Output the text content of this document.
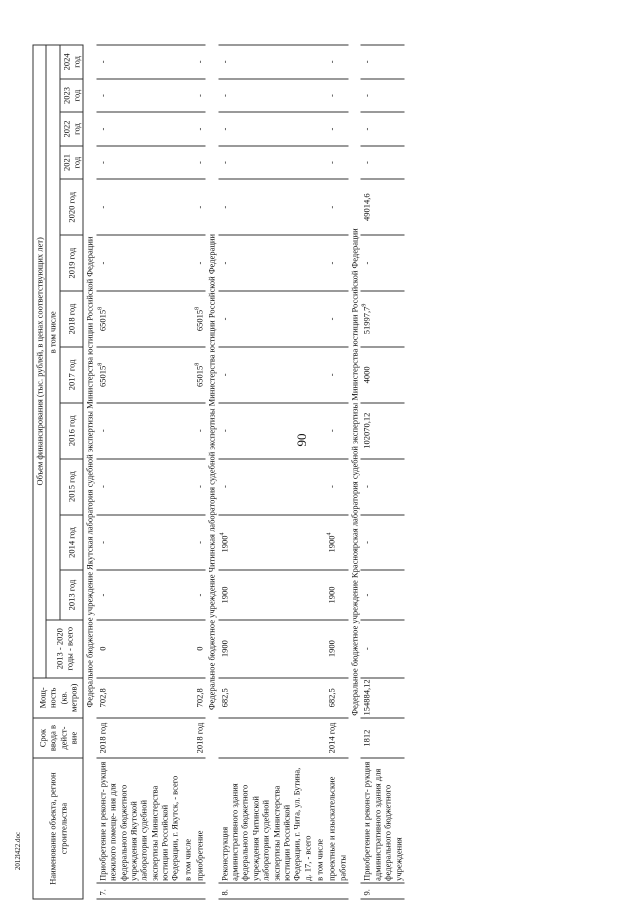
90
2012l422.doc	Наименование объекта, регион строительства		Срок ввода в дейст- вие	Мощ- ность (кв. метров)	Объем финансирования (тыс. рублей, в ценах соответствующих лет)												
				2013 - 2020 годы - всего	в том числе											
					2013 год	2014 год	2015 год	2016 год	2017 год	2018 год	2019 год	2020 год	2021 год	2022 год	2023 год	2024 год
Федеральное бюджетное учреждение Якутская лаборатория судебной экспертизы Министерства юстиции Российской Федерации																
7.	Приобретение и реконст- рукция нежилого помеще- ния для федерального бюджетного учреждения Якутской лаборатории судебной экспертизы Министерства юстиции Российской Федерации, г. Якутск, - всего	2018 год	702,8	0	-	-	-	-	65015$^8$	65015$^8$	-	-	-	-	-	-
	в том числе															
	приобретение	2018 год	702,8	0	-	-	-	-	65015$^8$	65015$^8$	-	-	-	-	-	-
Федеральное бюджетное учреждение Читинская лаборатория судебной экспертизы Министерства юстиции Российской Федерации																
8.	Реконструкция административного здания федерального бюджетного учреждения Читинской лаборатории судебной экспертизы Министерства юстиции Российской Федерации, г. Чита, ул. Бутина, д. 17, - всего		682,5	1900	1900	1900$^4$	-	-	-	-	-	-	-	-	-	-
	в том числе															
	проектные и изыскательские работы	2014 год	682,5	1900	1900	1900$^4$	-	-	-	-	-	-	-	-	-	-
Федеральное бюджетное учреждение Красноярская лаборатория судебной экспертизы Министерства юстиции Российской Федерации																
9.	Приобретение и реконст- рукция административного здания для федерального бюджетного учреждения	1812	154884,12	-	-	-	-	102070,12	4000	51997,7$^9$	-	49014,6	-	-	-	-
